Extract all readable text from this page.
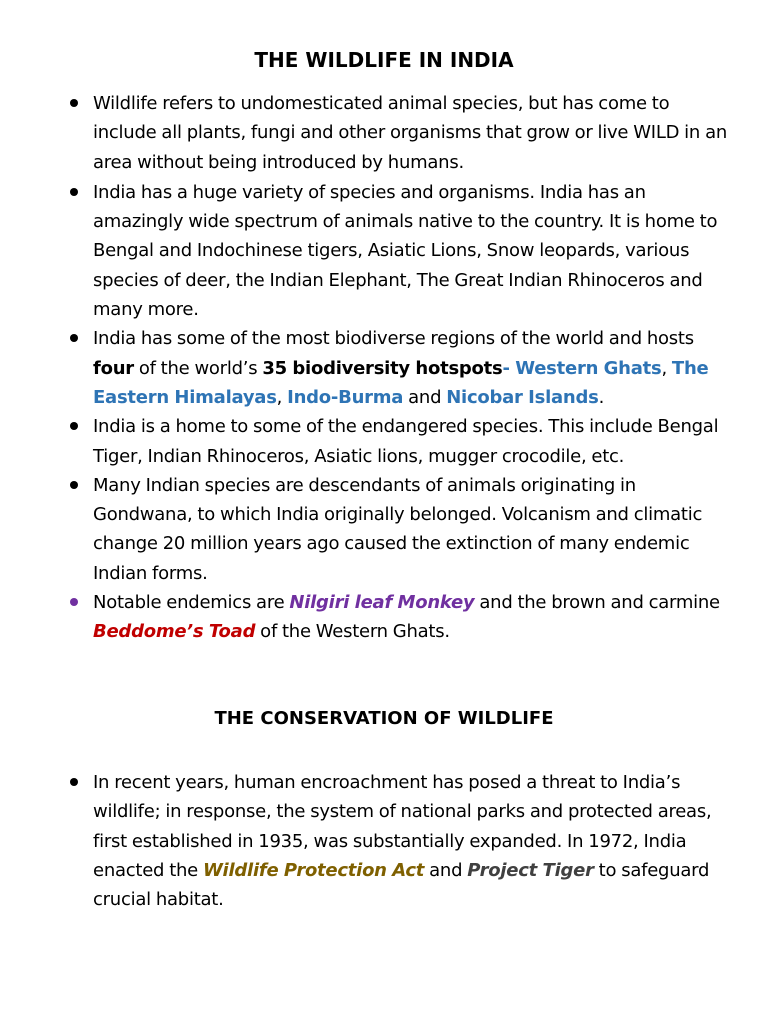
THE WILDLIFE IN INDIA
Wildlife refers to undomesticated animal species, but has come to include all plants, fungi and other organisms that grow or live WILD in an area without being introduced by humans.
India has a huge variety of species and organisms. India has an amazingly wide spectrum of animals native to the country. It is home to Bengal and Indochinese tigers, Asiatic Lions, Snow leopards, various species of deer, the Indian Elephant, The Great Indian Rhinoceros and many more.
India has some of the most biodiverse regions of the world and hosts four of the world’s 35 biodiversity hotspots- Western Ghats, The Eastern Himalayas, Indo-Burma and Nicobar Islands.
India is a home to some of the endangered species. This include Bengal Tiger, Indian Rhinoceros, Asiatic lions, mugger crocodile, etc.
Many Indian species are descendants of animals originating in Gondwana, to which India originally belonged. Volcanism and climatic change 20 million years ago caused the extinction of many endemic Indian forms.
Notable endemics are Nilgiri leaf Monkey and the brown and carmine Beddome’s Toad of the Western Ghats.
THE CONSERVATION OF WILDLIFE
In recent years, human encroachment has posed a threat to India’s wildlife; in response, the system of national parks and protected areas, first established in 1935, was substantially expanded. In 1972, India enacted the Wildlife Protection Act and Project Tiger to safeguard crucial habitat.
